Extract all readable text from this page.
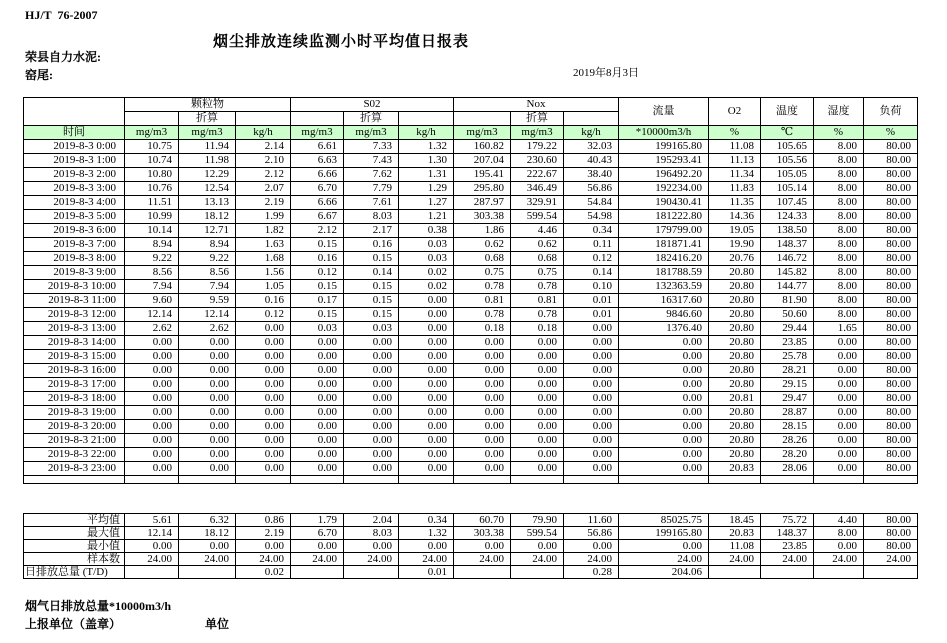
HJ/T  76-2007
烟尘排放连续监测小时平均值日报表
荣县自力水泥:
窑尾:	2019年8月3日
	颗粒物			S02			Nox			流量	O2	温度	湿度	负荷
		折算			折算			折算						
时间	mg/m3	mg/m3	kg/h	mg/m3	mg/m3	kg/h	mg/m3	mg/m3	kg/h	*10000m3/h	%	℃	%	%
2019-8-3 0:00	10.75	11.94	2.14	6.61	7.33	1.32	160.82	179.22	32.03	199165.80	11.08	105.65	8.00	80.00
2019-8-3 1:00	10.74	11.98	2.10	6.63	7.43	1.30	207.04	230.60	40.43	195293.41	11.13	105.56	8.00	80.00
2019-8-3 2:00	10.80	12.29	2.12	6.66	7.62	1.31	195.41	222.67	38.40	196492.20	11.34	105.05	8.00	80.00
2019-8-3 3:00	10.76	12.54	2.07	6.70	7.79	1.29	295.80	346.49	56.86	192234.00	11.83	105.14	8.00	80.00
2019-8-3 4:00	11.51	13.13	2.19	6.66	7.61	1.27	287.97	329.91	54.84	190430.41	11.35	107.45	8.00	80.00
2019-8-3 5:00	10.99	18.12	1.99	6.67	8.03	1.21	303.38	599.54	54.98	181222.80	14.36	124.33	8.00	80.00
2019-8-3 6:00	10.14	12.71	1.82	2.12	2.17	0.38	1.86	4.46	0.34	179799.00	19.05	138.50	8.00	80.00
2019-8-3 7:00	8.94	8.94	1.63	0.15	0.16	0.03	0.62	0.62	0.11	181871.41	19.90	148.37	8.00	80.00
2019-8-3 8:00	9.22	9.22	1.68	0.16	0.15	0.03	0.68	0.68	0.12	182416.20	20.76	146.72	8.00	80.00
2019-8-3 9:00	8.56	8.56	1.56	0.12	0.14	0.02	0.75	0.75	0.14	181788.59	20.80	145.82	8.00	80.00
2019-8-3 10:00	7.94	7.94	1.05	0.15	0.15	0.02	0.78	0.78	0.10	132363.59	20.80	144.77	8.00	80.00
2019-8-3 11:00	9.60	9.59	0.16	0.17	0.15	0.00	0.81	0.81	0.01	16317.60	20.80	81.90	8.00	80.00
2019-8-3 12:00	12.14	12.14	0.12	0.15	0.15	0.00	0.78	0.78	0.01	9846.60	20.80	50.60	8.00	80.00
2019-8-3 13:00	2.62	2.62	0.00	0.03	0.03	0.00	0.18	0.18	0.00	1376.40	20.80	29.44	1.65	80.00
2019-8-3 14:00	0.00	0.00	0.00	0.00	0.00	0.00	0.00	0.00	0.00	0.00	20.80	23.85	0.00	80.00
2019-8-3 15:00	0.00	0.00	0.00	0.00	0.00	0.00	0.00	0.00	0.00	0.00	20.80	25.78	0.00	80.00
2019-8-3 16:00	0.00	0.00	0.00	0.00	0.00	0.00	0.00	0.00	0.00	0.00	20.80	28.21	0.00	80.00
2019-8-3 17:00	0.00	0.00	0.00	0.00	0.00	0.00	0.00	0.00	0.00	0.00	20.80	29.15	0.00	80.00
2019-8-3 18:00	0.00	0.00	0.00	0.00	0.00	0.00	0.00	0.00	0.00	0.00	20.81	29.47	0.00	80.00
2019-8-3 19:00	0.00	0.00	0.00	0.00	0.00	0.00	0.00	0.00	0.00	0.00	20.80	28.87	0.00	80.00
2019-8-3 20:00	0.00	0.00	0.00	0.00	0.00	0.00	0.00	0.00	0.00	0.00	20.80	28.15	0.00	80.00
2019-8-3 21:00	0.00	0.00	0.00	0.00	0.00	0.00	0.00	0.00	0.00	0.00	20.80	28.26	0.00	80.00
2019-8-3 22:00	0.00	0.00	0.00	0.00	0.00	0.00	0.00	0.00	0.00	0.00	20.80	28.20	0.00	80.00
2019-8-3 23:00	0.00	0.00	0.00	0.00	0.00	0.00	0.00	0.00	0.00	0.00	20.83	28.06	0.00	80.00

平均值	5.61	6.32	0.86	1.79	2.04	0.34	60.70	79.90	11.60	85025.75	18.45	75.72	4.40	80.00
最大值	12.14	18.12	2.19	6.70	8.03	1.32	303.38	599.54	56.86	199165.80	20.83	148.37	8.00	80.00
最小值	0.00	0.00	0.00	0.00	0.00	0.00	0.00	0.00	0.00	0.00	11.08	23.85	0.00	80.00
样本数	24.00	24.00	24.00	24.00	24.00	24.00	24.00	24.00	24.00	24.00	24.00	24.00	24.00	24.00
日排放总量 (T/D)			0.02			0.01			0.28	204.06				
烟气日排放总量*10000m3/h
上报单位（盖章）	单位
